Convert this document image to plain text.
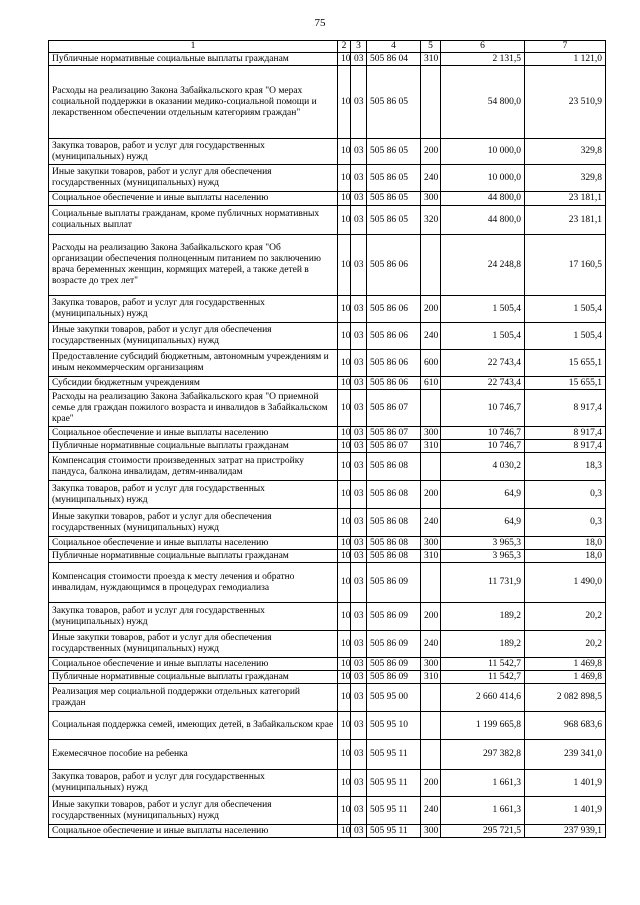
75
1	2	3	4	5	6	7
Публичные нормативные социальные выплаты гражданам	10	03	505 86 04	310	2 131,5	1 121,0
Расходы на реализацию Закона Забайкальского края "О мерах социальной поддержки в оказании медико-социальной помощи и лекарственном обеспечении отдельным категориям граждан"	10	03	505 86 05		54 800,0	23 510,9
Закупка товаров, работ и услуг для государственных (муниципальных) нужд	10	03	505 86 05	200	10 000,0	329,8
Иные закупки товаров, работ и услуг для обеспечения государственных (муниципальных) нужд	10	03	505 86 05	240	10 000,0	329,8
Социальное обеспечение и иные выплаты населению	10	03	505 86 05	300	44 800,0	23 181,1
Социальные выплаты гражданам, кроме публичных нормативных социальных выплат	10	03	505 86 05	320	44 800,0	23 181,1
Расходы на реализацию Закона Забайкальского края "Об организации обеспечения полноценным питанием по заключению врача беременных женщин, кормящих матерей, а также детей в возрасте до трех лет"	10	03	505 86 06		24 248,8	17 160,5
Закупка товаров, работ и услуг для государственных (муниципальных) нужд	10	03	505 86 06	200	1 505,4	1 505,4
Иные закупки товаров, работ и услуг для обеспечения государственных (муниципальных) нужд	10	03	505 86 06	240	1 505,4	1 505,4
Предоставление субсидий бюджетным, автономным учреждениям и иным некоммерческим организациям	10	03	505 86 06	600	22 743,4	15 655,1
Субсидии бюджетным учреждениям	10	03	505 86 06	610	22 743,4	15 655,1
Расходы на реализацию Закона Забайкальского края "О приемной семье для граждан пожилого возраста и инвалидов в Забайкальском крае"	10	03	505 86 07		10 746,7	8 917,4
Социальное обеспечение и иные выплаты населению	10	03	505 86 07	300	10 746,7	8 917,4
Публичные нормативные социальные выплаты гражданам	10	03	505 86 07	310	10 746,7	8 917,4
Компенсация стоимости произведенных затрат на пристройку пандуса, балкона инвалидам, детям-инвалидам	10	03	505 86 08		4 030,2	18,3
Закупка товаров, работ и услуг для государственных (муниципальных) нужд	10	03	505 86 08	200	64,9	0,3
Иные закупки товаров, работ и услуг для обеспечения государственных (муниципальных) нужд	10	03	505 86 08	240	64,9	0,3
Социальное обеспечение и иные выплаты населению	10	03	505 86 08	300	3 965,3	18,0
Публичные нормативные социальные выплаты гражданам	10	03	505 86 08	310	3 965,3	18,0
Компенсация стоимости проезда к месту лечения и обратно инвалидам, нуждающимся в процедурах гемодиализа	10	03	505 86 09		11 731,9	1 490,0
Закупка товаров, работ и услуг для государственных (муниципальных) нужд	10	03	505 86 09	200	189,2	20,2
Иные закупки товаров, работ и услуг для обеспечения государственных (муниципальных) нужд	10	03	505 86 09	240	189,2	20,2
Социальное обеспечение и иные выплаты населению	10	03	505 86 09	300	11 542,7	1 469,8
Публичные нормативные социальные выплаты гражданам	10	03	505 86 09	310	11 542,7	1 469,8
Реализация мер социальной поддержки отдельных категорий граждан	10	03	505 95 00		2 660 414,6	2 082 898,5
Социальная поддержка семей, имеющих детей, в Забайкальском крае	10	03	505 95 10		1 199 665,8	968 683,6
Ежемесячное пособие на ребенка	10	03	505 95 11		297 382,8	239 341,0
Закупка товаров, работ и услуг для государственных (муниципальных) нужд	10	03	505 95 11	200	1 661,3	1 401,9
Иные закупки товаров, работ и услуг для обеспечения государственных (муниципальных) нужд	10	03	505 95 11	240	1 661,3	1 401,9
Социальное обеспечение и иные выплаты населению	10	03	505 95 11	300	295 721,5	237 939,1
